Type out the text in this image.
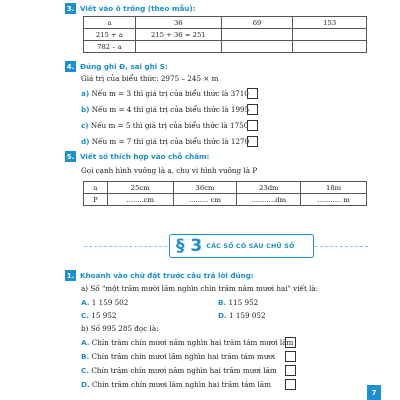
3. Viết vào ô trống (theo mẫu):
a	36	69	153
215 + a	215 + 36 = 251		
782 – a			
4. Đúng ghi Đ, sai ghi S:
Giá trị của biểu thức: 2975 – 245 × m
a) Nếu m = 3 thì giá trị của biểu thức là 3710
b) Nếu m = 4 thì giá trị của biểu thức là 1995
c) Nếu m = 5 thì giá trị của biểu thức là 1750
d) Nếu m = 7 thì giá trị của biểu thức là 1270
5. Viết số thích hợp vào chỗ chấm:
Gọi cạnh hình vuông là a, chu vi hình vuông là P
a	25cm	36cm	23dm	18m
P	........cm	......... cm	...........dm	........... m
§ 3 CÁC SỐ CÓ SÁU CHỮ SỐ
1. Khoanh vào chữ đặt trước câu trả lời đúng:
a) Số "một trăm mười lăm nghìn chín trăm năm mươi hai" viết là:
A. 1 159 502	B. 115 952
C. 15 952	D. 1 159 052
b) Số 995 285 đọc là:
A. Chín trăm chín mươi năm nghìn hai trăm tám mươi lăm
B. Chín trăm chín mươi lăm nghìn hai trăm tám mươi
C. Chín trăm chín mươi năm nghìn hai trăm mươi lăm
D. Chín trăm chín mươi lăm nghìn hai trăm tám lăm
7
